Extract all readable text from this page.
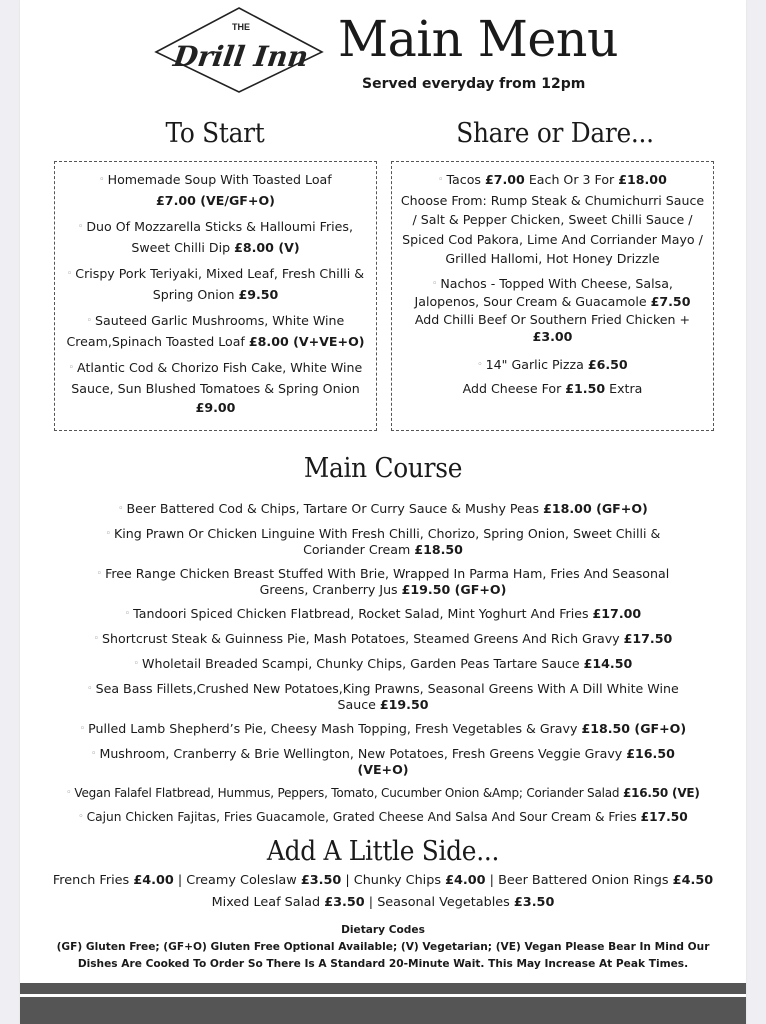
THE
Drill Inn Main Menu
Served everyday from 12pm
To Start
◦ Homemade Soup With Toasted Loaf
£7.00 (VE/GF+O)
◦ Duo Of Mozzarella Sticks & Halloumi Fries, Sweet Chilli Dip £8.00 (V)
◦ Crispy Pork Teriyaki, Mixed Leaf, Fresh Chilli & Spring Onion £9.50
◦ Sauteed Garlic Mushrooms, White Wine Cream,Spinach Toasted Loaf £8.00 (V+VE+O)
◦ Atlantic Cod & Chorizo Fish Cake, White Wine Sauce, Sun Blushed Tomatoes & Spring Onion
£9.00
Share or Dare...
◦ Tacos £7.00 Each Or 3 For £18.00
Choose From: Rump Steak & Chumichurri Sauce / Salt & Pepper Chicken, Sweet Chilli Sauce / Spiced Cod Pakora, Lime And Corriander Mayo / Grilled Hallomi, Hot Honey Drizzle
◦ Nachos - Topped With Cheese, Salsa, Jalopenos, Sour Cream & Guacamole £7.50
Add Chilli Beef Or Southern Fried Chicken + £3.00
◦ 14" Garlic Pizza £6.50
Add Cheese For £1.50 Extra
Main Course
◦ Beer Battered Cod & Chips, Tartare Or Curry Sauce & Mushy Peas £18.00 (GF+O)
◦ King Prawn Or Chicken Linguine With Fresh Chilli, Chorizo, Spring Onion, Sweet Chilli & Coriander Cream £18.50
◦ Free Range Chicken Breast Stuffed With Brie, Wrapped In Parma Ham, Fries And Seasonal Greens, Cranberry Jus £19.50 (GF+O)
◦ Tandoori Spiced Chicken Flatbread, Rocket Salad, Mint Yoghurt And Fries £17.00
◦ Shortcrust Steak & Guinness Pie, Mash Potatoes, Steamed Greens And Rich Gravy £17.50
◦ Wholetail Breaded Scampi, Chunky Chips, Garden Peas Tartare Sauce £14.50
◦ Sea Bass Fillets,Crushed New Potatoes,King Prawns, Seasonal Greens With A Dill White Wine Sauce £19.50
◦ Pulled Lamb Shepherd’s Pie, Cheesy Mash Topping, Fresh Vegetables & Gravy £18.50 (GF+O)
◦ Mushroom, Cranberry & Brie Wellington, New Potatoes, Fresh Greens Veggie Gravy £16.50 (VE+O)
◦ Vegan Falafel Flatbread, Hummus, Peppers, Tomato, Cucumber Onion &Amp; Coriander Salad £16.50 (VE)
◦ Cajun Chicken Fajitas, Fries Guacamole, Grated Cheese And Salsa And Sour Cream & Fries £17.50
Add A Little Side...
French Fries £4.00 | Creamy Coleslaw £3.50 | Chunky Chips £4.00 | Beer Battered Onion Rings £4.50
Mixed Leaf Salad £3.50 | Seasonal Vegetables £3.50
Dietary Codes
(GF) Gluten Free; (GF+O) Gluten Free Optional Available; (V) Vegetarian; (VE) Vegan Please Bear In Mind Our
Dishes Are Cooked To Order So There Is A Standard 20-Minute Wait. This May Increase At Peak Times.
